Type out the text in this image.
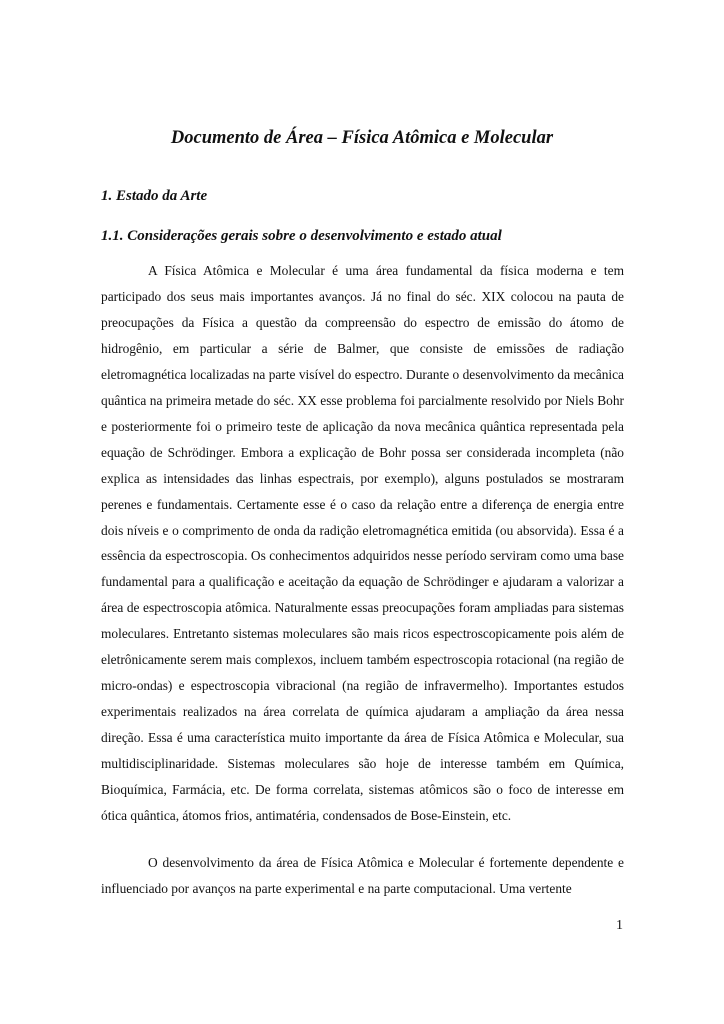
Documento de Área – Física Atômica e Molecular
1. Estado da Arte
1.1. Considerações gerais sobre o desenvolvimento e estado atual

A Física Atômica e Molecular é uma área fundamental da física moderna e tem participado dos seus mais importantes avanços. Já no final do séc. XIX colocou na pauta de preocupações da Física a questão da compreensão do espectro de emissão do átomo de hidrogênio, em particular a série de Balmer, que consiste de emissões de radiação eletromagnética localizadas na parte visível do espectro. Durante o desenvolvimento da mecânica quântica na primeira metade do séc. XX esse problema foi parcialmente resolvido por Niels Bohr e posteriormente foi o primeiro teste de aplicação da nova mecânica quântica representada pela equação de Schrödinger. Embora a explicação de Bohr possa ser considerada incompleta (não explica as intensidades das linhas espectrais, por exemplo), alguns postulados se mostraram perenes e fundamentais. Certamente esse é o caso da relação entre a diferença de energia entre dois níveis e o comprimento de onda da radição eletromagnética emitida (ou absorvida). Essa é a essência da espectroscopia. Os conhecimentos adquiridos nesse período serviram como uma base fundamental para a qualificação e aceitação da equação de Schrödinger e ajudaram a valorizar a área de espectroscopia atômica. Naturalmente essas preocupações foram ampliadas para sistemas moleculares. Entretanto sistemas moleculares são mais ricos espectroscopicamente pois além de eletrônicamente serem mais complexos, incluem também espectroscopia rotacional (na região de micro-ondas) e espectroscopia vibracional (na região de infravermelho). Importantes estudos experimentais realizados na área correlata de química ajudaram a ampliação da área nessa direção. Essa é uma característica muito importante da área de Física Atômica e Molecular, sua multidisciplinaridade. Sistemas moleculares são hoje de interesse também em Química, Bioquímica, Farmácia, etc. De forma correlata, sistemas atômicos são o foco de interesse em ótica quântica, átomos frios, antimatéria, condensados de Bose-Einstein, etc.

O desenvolvimento da área de Física Atômica e Molecular é fortemente dependente e influenciado por avanços na parte experimental e na parte computacional. Uma vertente

1
